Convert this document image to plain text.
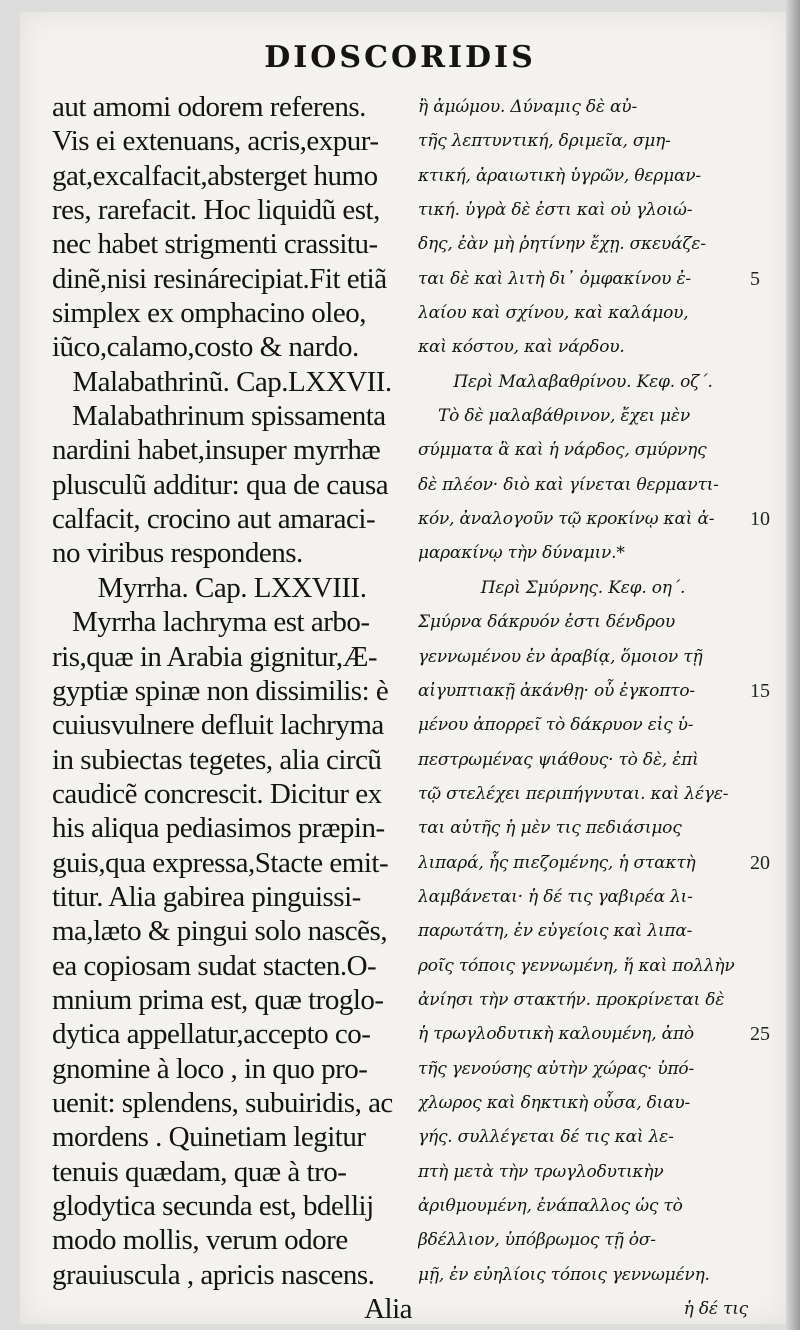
DIOSCORIDIS
aut amomi odorem referens.
Vis ei extenuans, acris,expur-
gat,excalfacit,absterget humo
res, rarefacit. Hoc liquidũ est,
nec habet strigmenti crassitu-
dinẽ,nisi resinárecipiat.Fit etiã
simplex ex omphacino oleo,
iũco,calamo,costo & nardo.
Malabathrinũ. Cap.LXXVII.
Malabathrinum spissamenta
nardini habet,insuper myrrhæ
plusculũ additur: qua de causa
calfacit, crocino aut amaraci-
no viribus respondens.
Myrrha. Cap. LXXVIII.
Myrrha lachryma est arbo-
ris,quæ in Arabia gignitur,Æ-
gyptiæ spinæ non dissimilis: è
cuiusvulnere defluit lachryma
in subiectas tegetes, alia circũ
caudicẽ concrescit. Dicitur ex
his aliqua pediasimos præpin-
guis,qua expressa,Stacte emit-
titur. Alia gabirea pinguissi-
ma,læto & pingui solo nascẽs,
ea copiosam sudat stacten.O-
mnium prima est, quæ troglo-
dytica appellatur,accepto co-
gnomine à loco , in quo pro-
uenit: splendens, subuiridis, ac
mordens . Quinetiam legitur
tenuis quædam, quæ à tro-
glodytica secunda est, bdellij
modo mollis, verum odore
grauiuscula , apricis nascens.
Alia
ἢ ἀμώμου. Δύναμις δὲ αὐ-
τῆς λεπτυντική, δριμεῖα, σμη-
κτική, ἀραιωτικὴ ὑγρῶν, θερμαν-
τική. ὑγρὰ δὲ ἐστι καὶ οὐ γλοιώ-
δης, ἐὰν μὴ ῥητίνην ἔχῃ. σκευάζε-
ται δὲ καὶ λιτὴ δι᾽ ὀμφακίνου ἐ-
λαίου καὶ σχίνου, καὶ καλάμου,
καὶ κόστου, καὶ νάρδου.
Περὶ Μαλαβαθρίνου. Κεφ. οζ΄.
Τὸ δὲ μαλαβάθρινον, ἔχει μὲν
σύμματα ἃ καὶ ἡ νάρδος, σμύρνης
δὲ πλέον· διὸ καὶ γίνεται θερμαντι-
κόν, ἀναλογοῦν τῷ κροκίνῳ καὶ ἀ-
μαρακίνῳ τὴν δύναμιν.*
Περὶ Σμύρνης. Κεφ. οη΄.
Σμύρνα δάκρυόν ἐστι δένδρου
γεννωμένου ἐν ἀραβίᾳ, ὅμοιον τῇ
αἰγυπτιακῇ ἀκάνθῃ· οὗ ἐγκοπτο-
μένου ἀπορρεῖ τὸ δάκρυον εἰς ὑ-
πεστρωμένας ψιάθους· τὸ δὲ, ἐπὶ
τῷ στελέχει περιπήγνυται. καὶ λέγε-
ται αὐτῆς ἡ μὲν τις πεδιάσιμος
λιπαρά, ἧς πιεζομένης, ἡ στακτὴ
λαμβάνεται· ἡ δέ τις γαβιρέα λι-
παρωτάτη, ἐν εὐγείοις καὶ λιπα-
ροῖς τόποις γεννωμένη, ἥ καὶ πολλὴν
ἀνίησι τὴν στακτήν. προκρίνεται δὲ
ἡ τρωγλοδυτικὴ καλουμένη, ἀπὸ
τῆς γενούσης αὐτὴν χώρας· ὑπό-
χλωρος καὶ δηκτικὴ οὖσα, διαυ-
γής. συλλέγεται δέ τις καὶ λε-
πτὴ μετὰ τὴν τρωγλοδυτικὴν
ἀριθμουμένη, ἐνάπαλλος ὡς τὸ
βδέλλιον, ὑπόβρωμος τῇ ὀσ-
μῇ, ἐν εὐηλίοις τόποις γεννωμένη.
ἡ δέ τις
5
10
15
20
25
